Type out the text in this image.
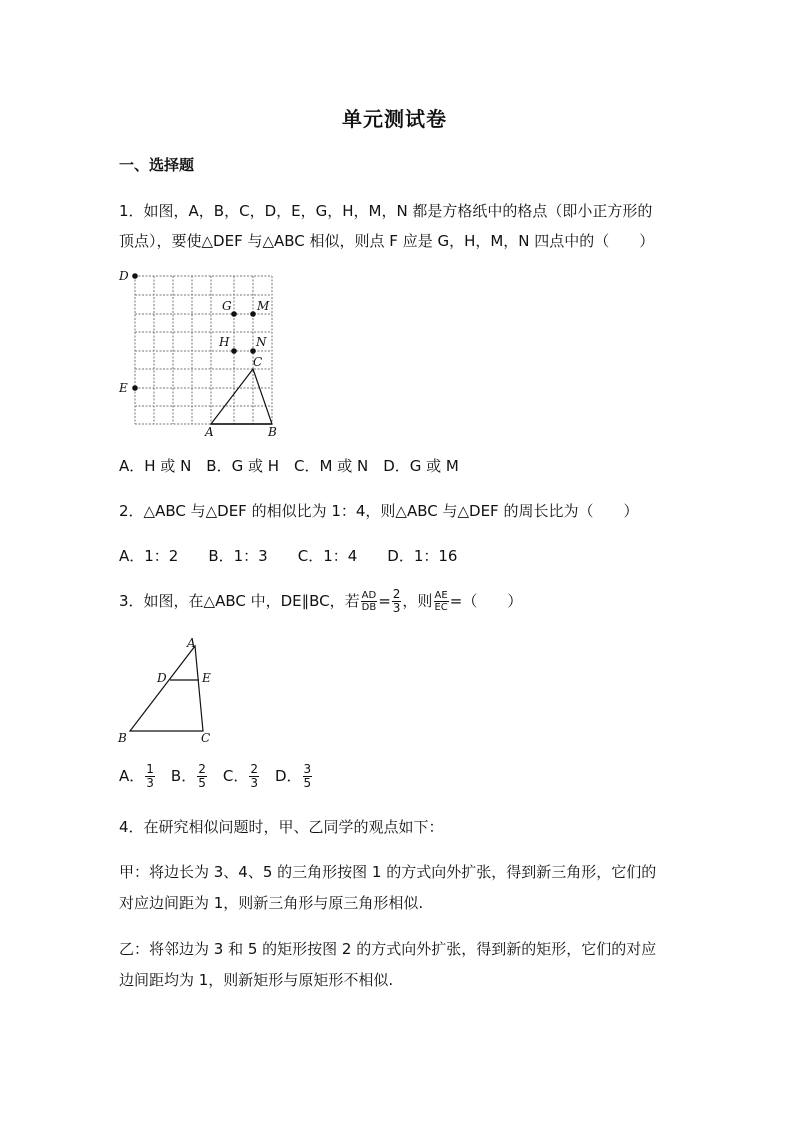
单元测试卷
一、选择题
1．如图，A，B，C，D，E，G，H，M，N 都是方格纸中的格点（即小正方形的
顶点），要使△DEF 与△ABC 相似，则点 F 应是 G，H，M，N 四点中的（　　）
D
E
G M
H N
C
A	B
A．H 或 N　B．G 或 H　C．M 或 N　D．G 或 M
2．△ABC 与△DEF 的相似比为 1：4，则△ABC 与△DEF 的周长比为（　　）
A．1：2　　B．1：3　　C．1：4　　D．1：16
3．如图，在△ABC 中，DE∥BC，若 $\frac{AD}{DB} = \frac{2}{3}$ ，则 $\frac{AE}{EC}$ =（　　）
A
D	E
B	C
A． $\frac{1}{3}$ B． $\frac{2}{5}$ C． $\frac{2}{3}$ D． $\frac{3}{5}$
4．在研究相似问题时，甲、乙同学的观点如下：
甲：将边长为 3、4、5 的三角形按图 1 的方式向外扩张，得到新三角形，它们的
对应边间距为 1，则新三角形与原三角形相似.
乙：将邻边为 3 和 5 的矩形按图 2 的方式向外扩张，得到新的矩形，它们的对应
边间距均为 1，则新矩形与原矩形不相似.
